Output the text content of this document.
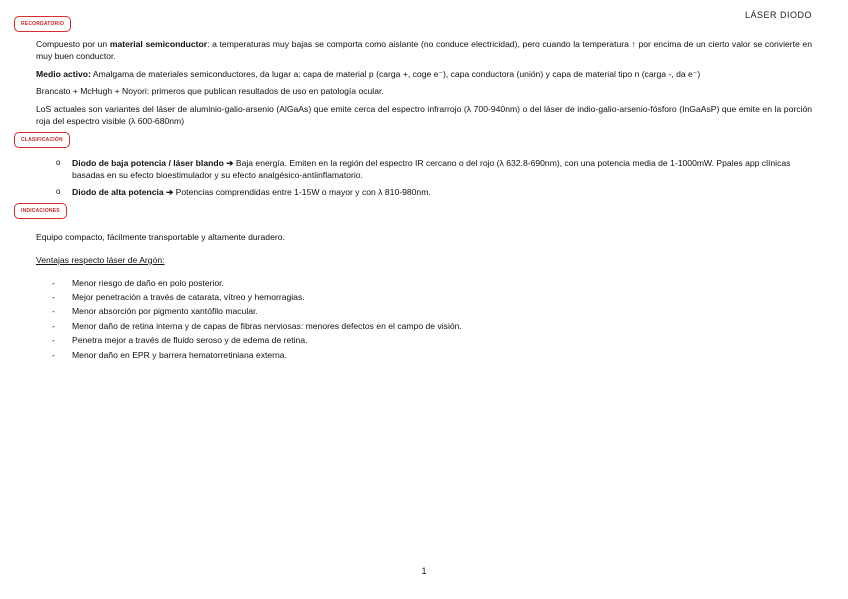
LÁSER DIODO
RECORDATORIO
Compuesto por un material semiconductor: a temperaturas muy bajas se comporta como aislante (no conduce electricidad), pero cuando la temperatura ↑ por encima de un cierto valor se convierte en muy buen conductor.
Medio activo: Amalgama de materiales semiconductores, da lugar a: capa de material p (carga +, coge e⁻), capa conductora (unión) y capa de material tipo n (carga -, da e⁻)
Brancato + McHugh + Noyori: primeros que publican resultados de uso en patología ocular.
LoS actuales son variantes del láser de aluminio-galio-arsenio (AlGaAs) que emite cerca del espectro infrarrojo (λ 700-940nm) o del láser de indio-galio-arsenio-fósforo (InGaAsP) que emite en la porción roja del espectro visible (λ 600-680nm)
CLASIFICACIÓN
o Diodo de baja potencia / láser blando ➔ Baja energía. Emiten en la región del espectro IR cercano o del rojo (λ 632.8-690nm), con una potencia media de 1-1000mW. Ppales app clínicas basadas en su efecto bioestimulador y su efecto analgésico-antiinflamatorio.
o Diodo de alta potencia ➔ Potencias comprendidas entre 1-15W o mayor y con λ 810-980nm.
INDICACIONES
Equipo compacto, fácilmente transportable y altamente duradero.
Ventajas respecto láser de Argón:
- Menor riesgo de daño en polo posterior.
- Mejor penetración a través de catarata, vítreo y hemorragias.
- Menor absorción por pigmento xantófilo macular.
- Menor daño de retina interna y de capas de fibras nerviosas: menores defectos en el campo de visión.
- Penetra mejor a través de fluido seroso y de edema de retina.
- Menor daño en EPR y barrera hematorretiniana externa.
1
